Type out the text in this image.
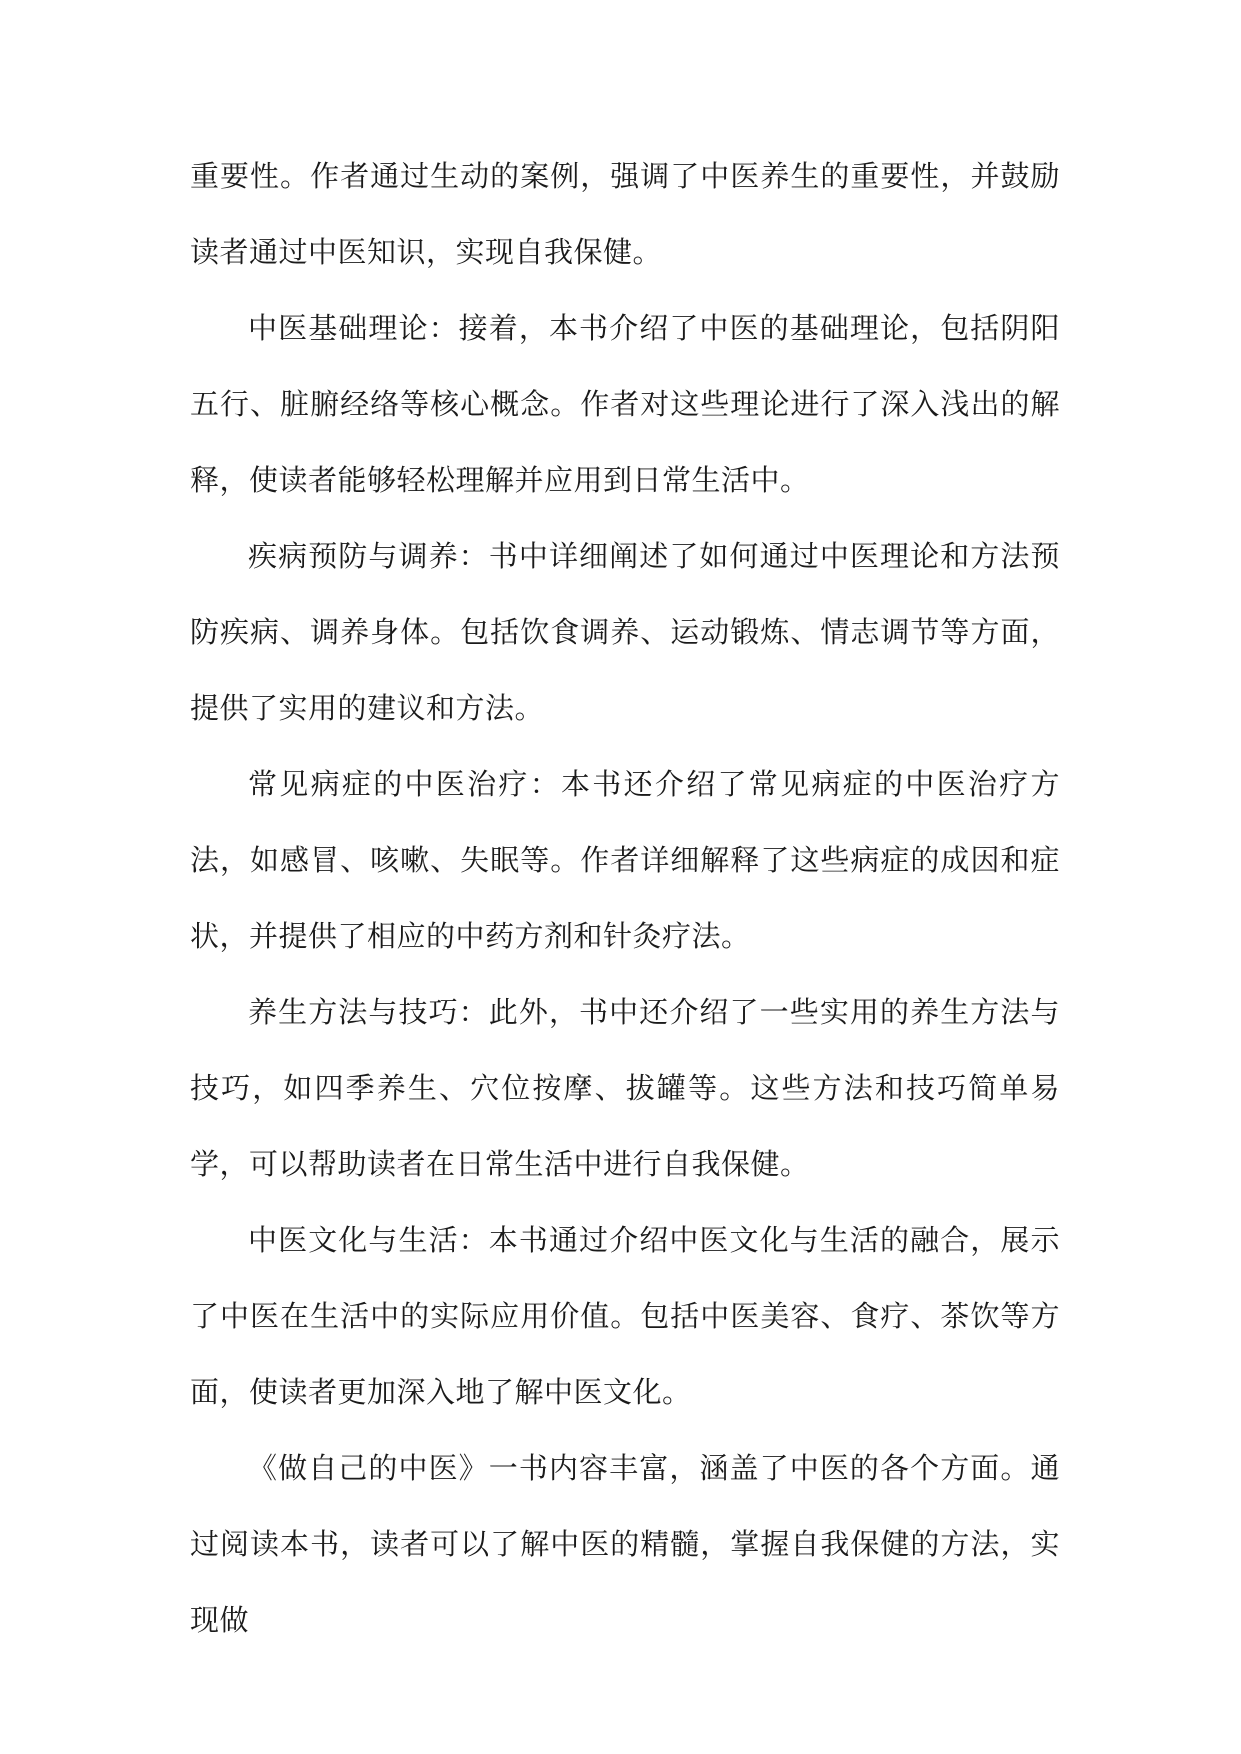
重要性。作者通过生动的案例，强调了中医养生的重要性，并鼓励读者通过中医知识，实现自我保健。

中医基础理论：接着，本书介绍了中医的基础理论，包括阴阳五行、脏腑经络等核心概念。作者对这些理论进行了深入浅出的解释，使读者能够轻松理解并应用到日常生活中。

疾病预防与调养：书中详细阐述了如何通过中医理论和方法预防疾病、调养身体。包括饮食调养、运动锻炼、情志调节等方面，提供了实用的建议和方法。

常见病症的中医治疗：本书还介绍了常见病症的中医治疗方法，如感冒、咳嗽、失眠等。作者详细解释了这些病症的成因和症状，并提供了相应的中药方剂和针灸疗法。

养生方法与技巧：此外，书中还介绍了一些实用的养生方法与技巧，如四季养生、穴位按摩、拔罐等。这些方法和技巧简单易学，可以帮助读者在日常生活中进行自我保健。

中医文化与生活：本书通过介绍中医文化与生活的融合，展示了中医在生活中的实际应用价值。包括中医美容、食疗、茶饮等方面，使读者更加深入地了解中医文化。

《做自己的中医》一书内容丰富，涵盖了中医的各个方面。通过阅读本书，读者可以了解中医的精髓，掌握自我保健的方法，实现做
